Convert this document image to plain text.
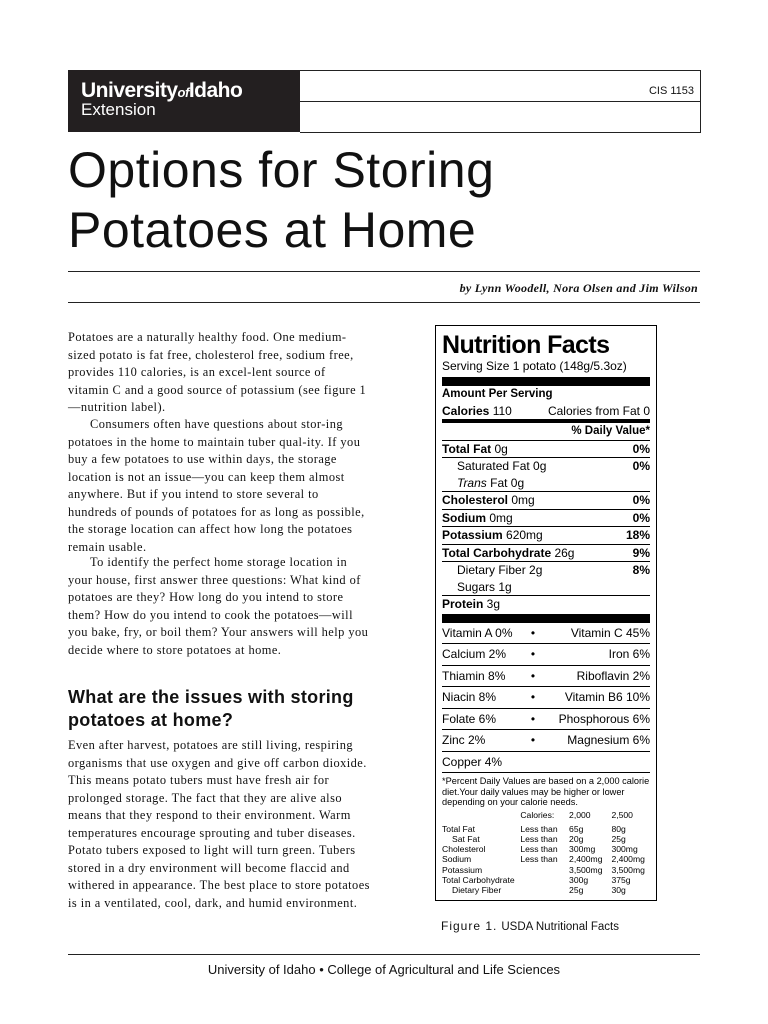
UniversityofIdaho
Extension
CIS 1153
Options for Storing
Potatoes at Home
by Lynn Woodell, Nora Olsen and Jim Wilson

Potatoes are a naturally healthy food. One medium-sized potato is fat free, cholesterol free, sodium free, provides 110 calories, is an excel-lent source of vitamin C and a good source of potassium (see figure 1—nutrition label).

Consumers often have questions about stor-ing potatoes in the home to maintain tuber qual-ity. If you buy a few potatoes to use within days, the storage location is not an issue—you can keep them almost anywhere. But if you intend to store several to hundreds of pounds of potatoes for as long as possible, the storage location can affect how long the potatoes remain usable.

To identify the perfect home storage location in your house, first answer three questions: What kind of potatoes are they? How long do you intend to store them? How do you intend to cook the potatoes—will you bake, fry, or boil them? Your answers will help you decide where to store potatoes at home.

What are the issues with storing potatoes at home?

Even after harvest, potatoes are still living, respiring organisms that use oxygen and give off carbon dioxide. This means potato tubers must have fresh air for prolonged storage. The fact that they are alive also means that they respond to their environment. Warm temperatures encourage sprouting and tuber diseases. Potato tubers exposed to light will turn green. Tubers stored in a dry environment will become flaccid and withered in appearance. The best place to store potatoes is in a ventilated, cool, dark, and humid environment.

Nutrition Facts
Serving Size 1 potato (148g/5.3oz)
Amount Per Serving
Calories 110	Calories from Fat 0
% Daily Value*
Total Fat 0g	0%
Saturated Fat 0g	0%
Trans Fat 0g
Cholesterol 0mg	0%
Sodium 0mg	0%
Potassium 620mg	18%
Total Carbohydrate 26g	9%
Dietary Fiber 2g	8%
Sugars 1g
Protein 3g
Vitamin A 0%	•	Vitamin C 45%
Calcium 2%	•	Iron 6%
Thiamin 8%	•	Riboflavin 2%
Niacin 8%	•	Vitamin B6 10%
Folate 6%	•	Phosphorous 6%
Zinc 2%	•	Magnesium 6%
Copper 4%
*Percent Daily Values are based on a 2,000 calorie diet.Your daily values may be higher or lower depending on your calorie needs.
	Calories:	2,000	2,500

Total Fat	Less than	65g	80g
Sat Fat	Less than	20g	25g
Cholesterol	Less than	300mg	300mg
Sodium	Less than	2,400mg	2,400mg
Potassium		3,500mg	3,500mg
Total Carbohydrate		300g	375g
Dietary Fiber		25g	30g
Figure 1. USDA Nutritional Facts
University of Idaho • College of Agricultural and Life Sciences
